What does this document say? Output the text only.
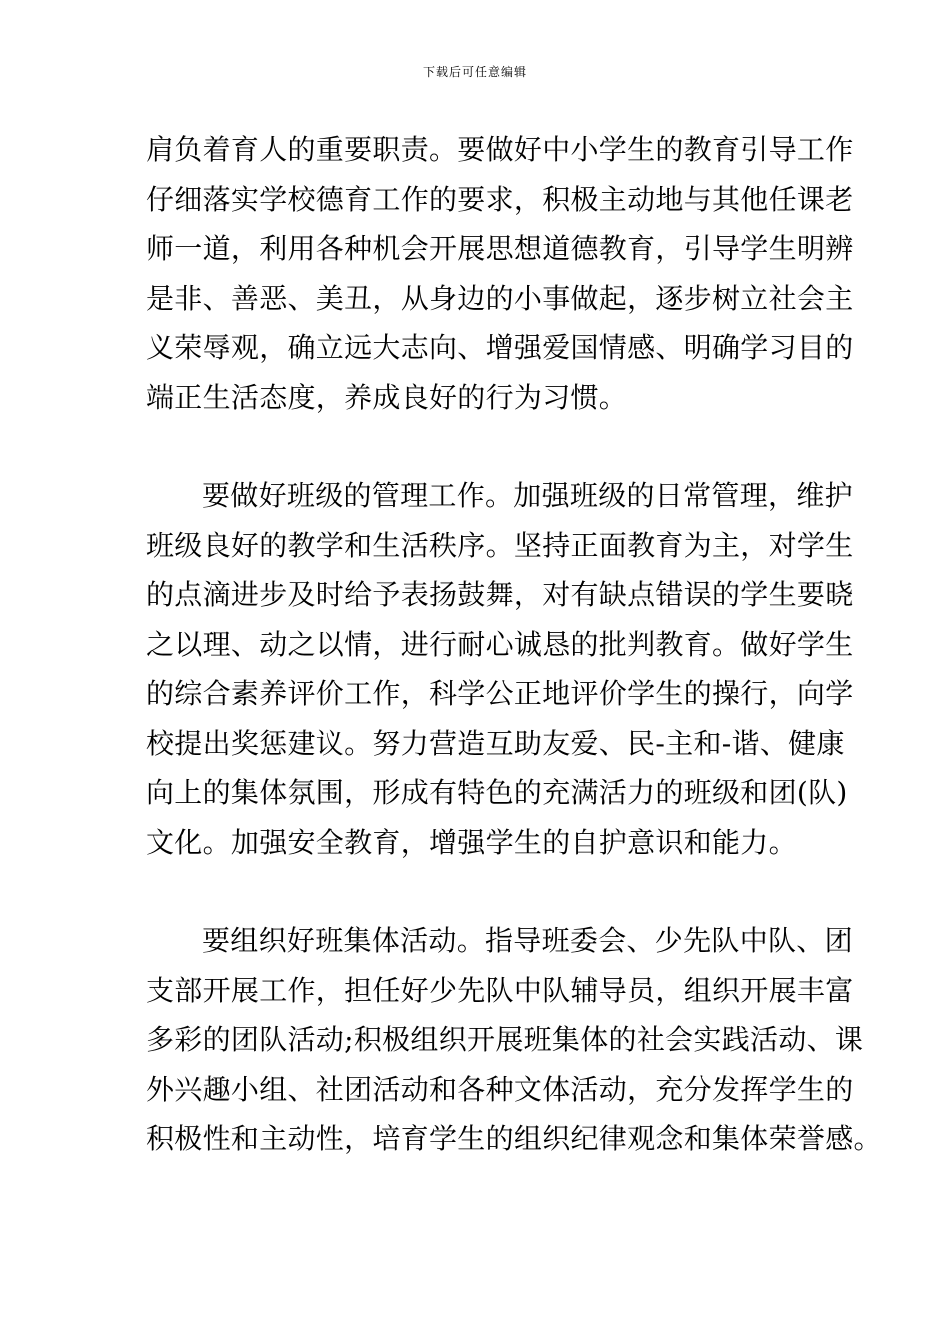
下载后可任意编辑
肩负着育人的重要职责。要做好中小学生的教育引导工作
仔细落实学校德育工作的要求，积极主动地与其他任课老
师一道，利用各种机会开展思想道德教育，引导学生明辨
是非、善恶、美丑，从身边的小事做起，逐步树立社会主
义荣辱观，确立远大志向、增强爱国情感、明确学习目的
端正生活态度，养成良好的行为习惯。
要做好班级的管理工作。加强班级的日常管理，维护
班级良好的教学和生活秩序。坚持正面教育为主，对学生
的点滴进步及时给予表扬鼓舞，对有缺点错误的学生要晓
之以理、动之以情，进行耐心诚恳的批判教育。做好学生
的综合素养评价工作，科学公正地评价学生的操行，向学
校提出奖惩建议。努力营造互助友爱、民-主和-谐、健康
向上的集体氛围，形成有特色的充满活力的班级和团(队)
文化。加强安全教育，增强学生的自护意识和能力。
要组织好班集体活动。指导班委会、少先队中队、团
支部开展工作，担任好少先队中队辅导员，组织开展丰富
多彩的团队活动;积极组织开展班集体的社会实践活动、课
外兴趣小组、社团活动和各种文体活动，充分发挥学生的
积极性和主动性，培育学生的组织纪律观念和集体荣誉感。
